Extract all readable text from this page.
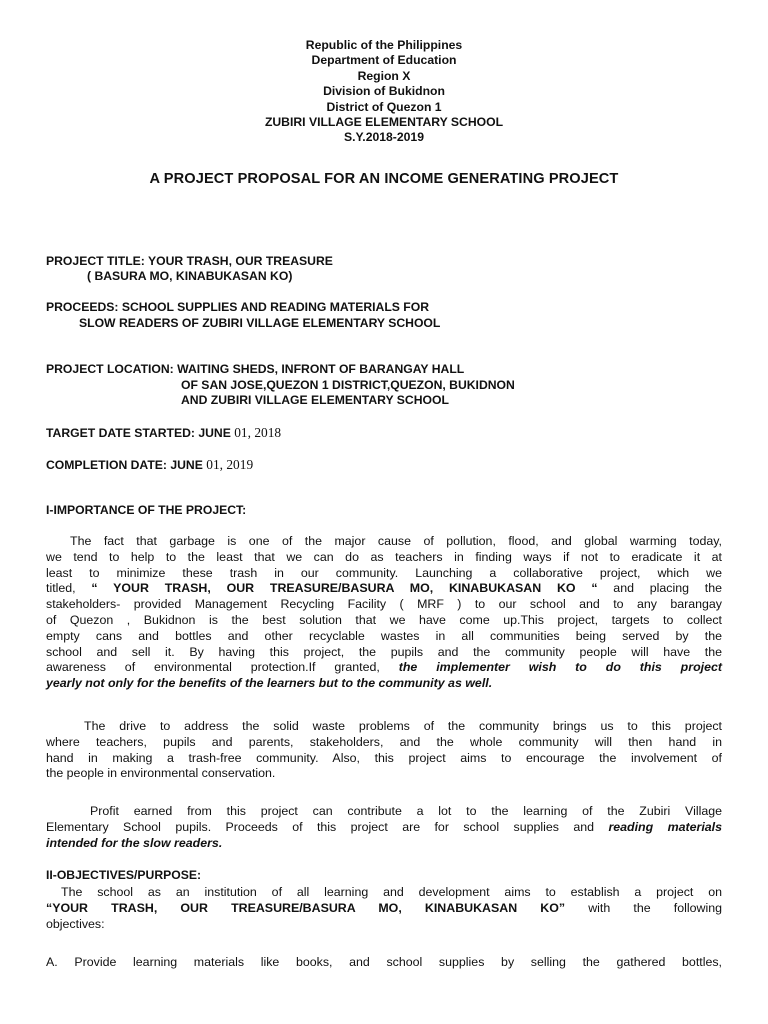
Republic of the Philippines
Department of Education
Region X
Division of Bukidnon
District of Quezon 1
ZUBIRI VILLAGE ELEMENTARY SCHOOL
S.Y.2018-2019
A PROJECT PROPOSAL FOR AN INCOME GENERATING PROJECT
PROJECT TITLE: YOUR TRASH, OUR TREASURE
( BASURA MO, KINABUKASAN KO)
PROCEEDS: SCHOOL SUPPLIES AND READING MATERIALS FOR
SLOW READERS OF ZUBIRI VILLAGE ELEMENTARY SCHOOL
PROJECT LOCATION: WAITING SHEDS, INFRONT OF BARANGAY HALL
OF SAN JOSE,QUEZON 1 DISTRICT,QUEZON, BUKIDNON
AND ZUBIRI VILLAGE ELEMENTARY SCHOOL
TARGET DATE STARTED: JUNE 01, 2018
COMPLETION DATE: JUNE 01, 2019
I-IMPORTANCE OF THE PROJECT:
The fact that garbage is one of the major cause of pollution, flood, and global warming today,
we tend to help to the least that we can do as teachers in finding ways if not to eradicate it at
least to minimize these trash in our community. Launching a collaborative project, which we
titled, “ YOUR TRASH, OUR TREASURE/BASURA MO, KINABUKASAN KO “ and placing the
stakeholders- provided Management Recycling Facility ( MRF ) to our school and to any barangay
of Quezon , Bukidnon is the best solution that we have come up.This project, targets to collect
empty cans and bottles and other recyclable wastes in all communities being served by the
school and sell it. By having this project, the pupils and the community people will have the
awareness of environmental protection.If granted, the implementer wish to do this project
yearly not only for the benefits of the learners but to the community as well.
The drive to address the solid waste problems of the community brings us to this project
where teachers, pupils and parents, stakeholders, and the whole community will then hand in
hand in making a trash-free community. Also, this project aims to encourage the involvement of
the people in environmental conservation.
Profit earned from this project can contribute a lot to the learning of the Zubiri Village
Elementary School pupils. Proceeds of this project are for school supplies and reading materials
intended for the slow readers.
II-OBJECTIVES/PURPOSE:
The school as an institution of all learning and development aims to establish a project on
“YOUR TRASH, OUR TREASURE/BASURA MO, KINABUKASAN KO” with the following
objectives:
A. Provide learning materials like books, and school supplies by selling the gathered bottles,
